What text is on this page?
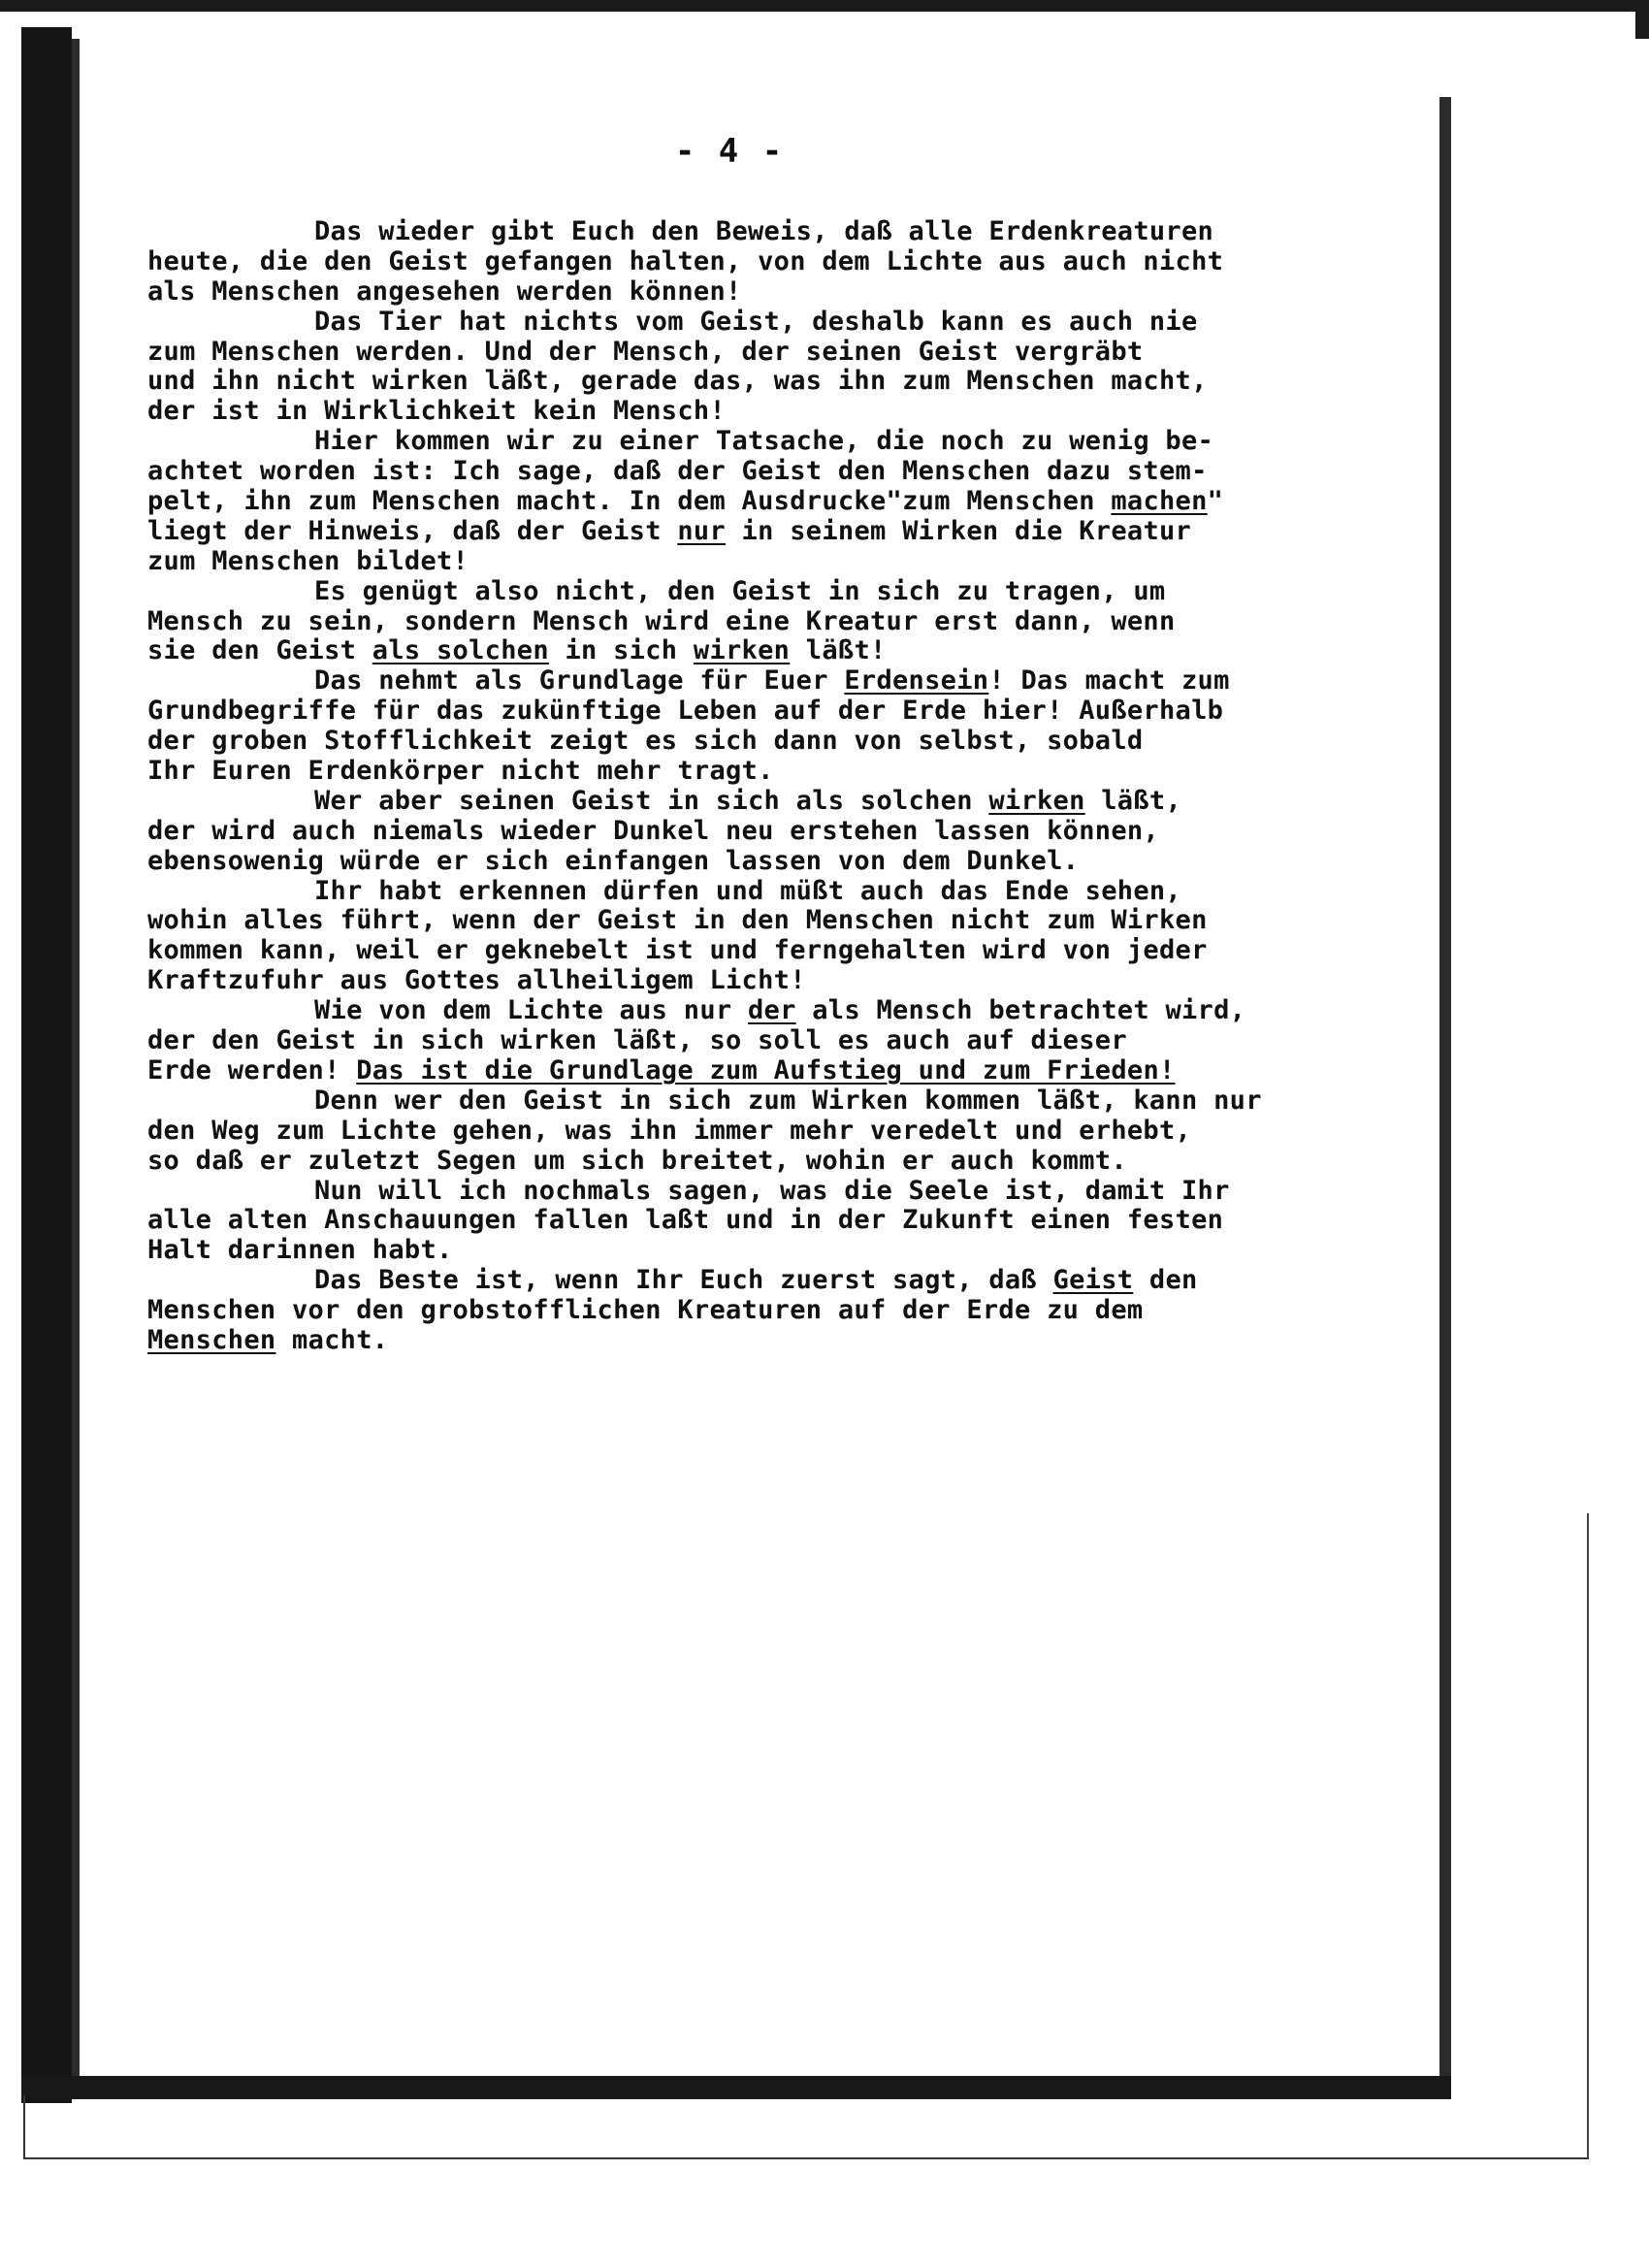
- 4 -
Das wieder gibt Euch den Beweis, daß alle Erdenkreaturen
heute, die den Geist gefangen halten, von dem Lichte aus auch nicht
als Menschen angesehen werden können!
Das Tier hat nichts vom Geist, deshalb kann es auch nie
zum Menschen werden. Und der Mensch, der seinen Geist vergräbt
und ihn nicht wirken läßt, gerade das, was ihn zum Menschen macht,
der ist in Wirklichkeit kein Mensch!
Hier kommen wir zu einer Tatsache, die noch zu wenig be-
achtet worden ist: Ich sage, daß der Geist den Menschen dazu stem-
pelt, ihn zum Menschen macht. In dem Ausdrucke"zum Menschen machen"
liegt der Hinweis, daß der Geist nur in seinem Wirken die Kreatur
zum Menschen bildet!
Es genügt also nicht, den Geist in sich zu tragen, um
Mensch zu sein, sondern Mensch wird eine Kreatur erst dann, wenn
sie den Geist als solchen in sich wirken läßt!
Das nehmt als Grundlage für Euer Erdensein! Das macht zum
Grundbegriffe für das zukünftige Leben auf der Erde hier! Außerhalb
der groben Stofflichkeit zeigt es sich dann von selbst, sobald
Ihr Euren Erdenkörper nicht mehr tragt.
Wer aber seinen Geist in sich als solchen wirken läßt,
der wird auch niemals wieder Dunkel neu erstehen lassen können,
ebensowenig würde er sich einfangen lassen von dem Dunkel.
Ihr habt erkennen dürfen und müßt auch das Ende sehen,
wohin alles führt, wenn der Geist in den Menschen nicht zum Wirken
kommen kann, weil er geknebelt ist und ferngehalten wird von jeder
Kraftzufuhr aus Gottes allheiligem Licht!
Wie von dem Lichte aus nur der als Mensch betrachtet wird,
der den Geist in sich wirken läßt, so soll es auch auf dieser
Erde werden! Das ist die Grundlage zum Aufstieg und zum Frieden!
Denn wer den Geist in sich zum Wirken kommen läßt, kann nur
den Weg zum Lichte gehen, was ihn immer mehr veredelt und erhebt,
so daß er zuletzt Segen um sich breitet, wohin er auch kommt.
Nun will ich nochmals sagen, was die Seele ist, damit Ihr
alle alten Anschauungen fallen laßt und in der Zukunft einen festen
Halt darinnen habt.
Das Beste ist, wenn Ihr Euch zuerst sagt, daß Geist den
Menschen vor den grobstofflichen Kreaturen auf der Erde zu dem
Menschen macht.
